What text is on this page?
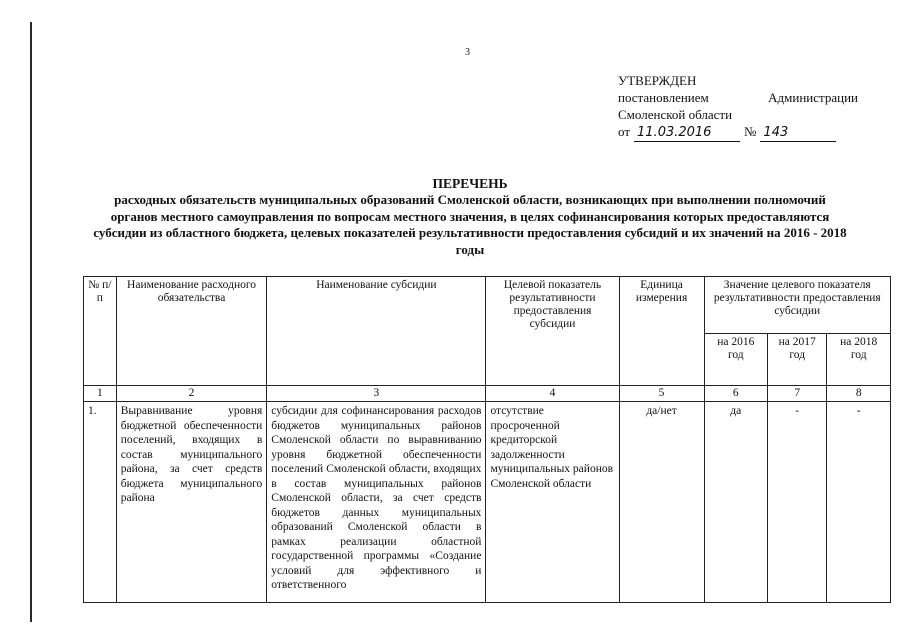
3
УТВЕРЖДЕН
постановлением	Администрации
Смоленской области
от 11.03.2016	№ 143
ПЕРЕЧЕНЬ
расходных обязательств муниципальных образований Смоленской области, возникающих при выполнении полномочий органов местного самоуправления по вопросам местного значения, в целях софинансирования которых предоставляются субсидии из областного бюджета, целевых показателей результативности предоставления субсидий и их значений на 2016 - 2018 годы
№ п/п	Наименование расходного обязательства	Наименование субсидии	Целевой показатель результативности предоставления субсидии	Единица измерения	Значение целевого показателя результативности предоставления субсидии		
					на 2016 год	на 2017 год	на 2018 год
1	2	3	4	5	6	7	8
1.	Выравнивание уровня бюджетной обеспеченности поселений, входящих в состав муниципального района, за счет средств бюджета муниципального района	субсидии для софинансирования расходов бюджетов муниципальных районов Смоленской области по выравниванию уровня бюджетной обеспеченности поселений Смоленской области, входящих в состав муниципальных районов Смоленской области, за счет средств бюджетов данных муниципальных образований Смоленской области в рамках реализации областной государственной программы «Создание условий для эффективного и ответственного	отсутствие просроченной кредиторской задолженности муниципальных районов Смоленской области	да/нет	да	-	-
